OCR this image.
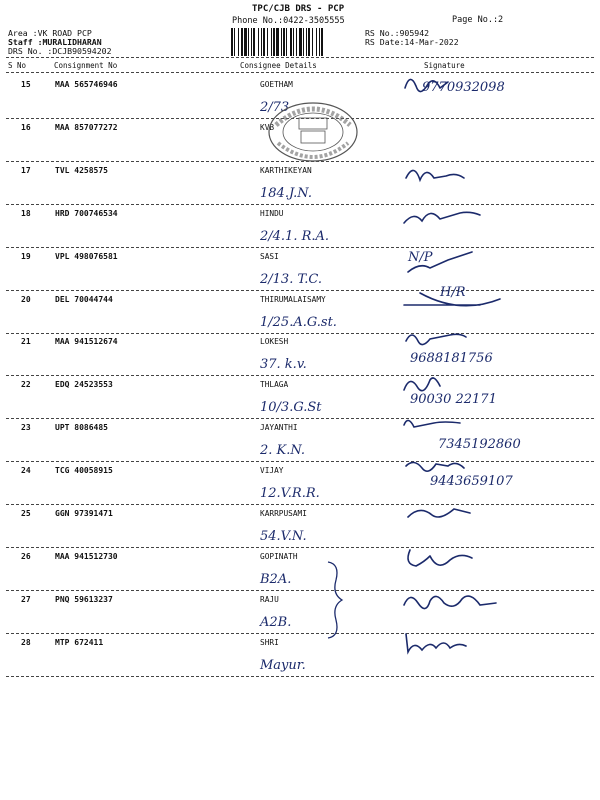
TPC/CJB DRS - PCP
Phone No.:0422-3505555	Page No.:2
Area :VK ROAD PCP
Staff :MURALIDHARAN
DRS No. :DCJB90594202
RS No.:905942
RS Date:14-Mar-2022
S No	Consignment No	Consignee Details	Signature
15	MAA 565746946	GOETHAM
2/73
9770932098
16	MAA 857077272	KVB
17	TVL 4258575	KARTHIKEYAN
184.J.N.
18	HRD 700746534	HINDU
2/4.1. R.A.
19	VPL 498076581	SASI
2/13. T.C.
N/P
20	DEL 70044744	THIRUMALAISAMY
1/25.A.G.st.
H/R
21	MAA 941512674	LOKESH
37. k.v.	9688181756
22	EDQ 24523553	THLAGA
10/3.G.St
90030 22171
23	UPT 8086485	JAYANTHI
2. K.N.	7345192860
24	TCG 40058915	VIJAY
12.V.R.R.
9443659107
25	GGN 97391471	KARRPUSAMI
54.V.N.
26	MAA 941512730	GOPINATH
B2A.
27	PNQ 59613237	RAJU
A2B.
28	MTP 672411	SHRI
Mayur.
